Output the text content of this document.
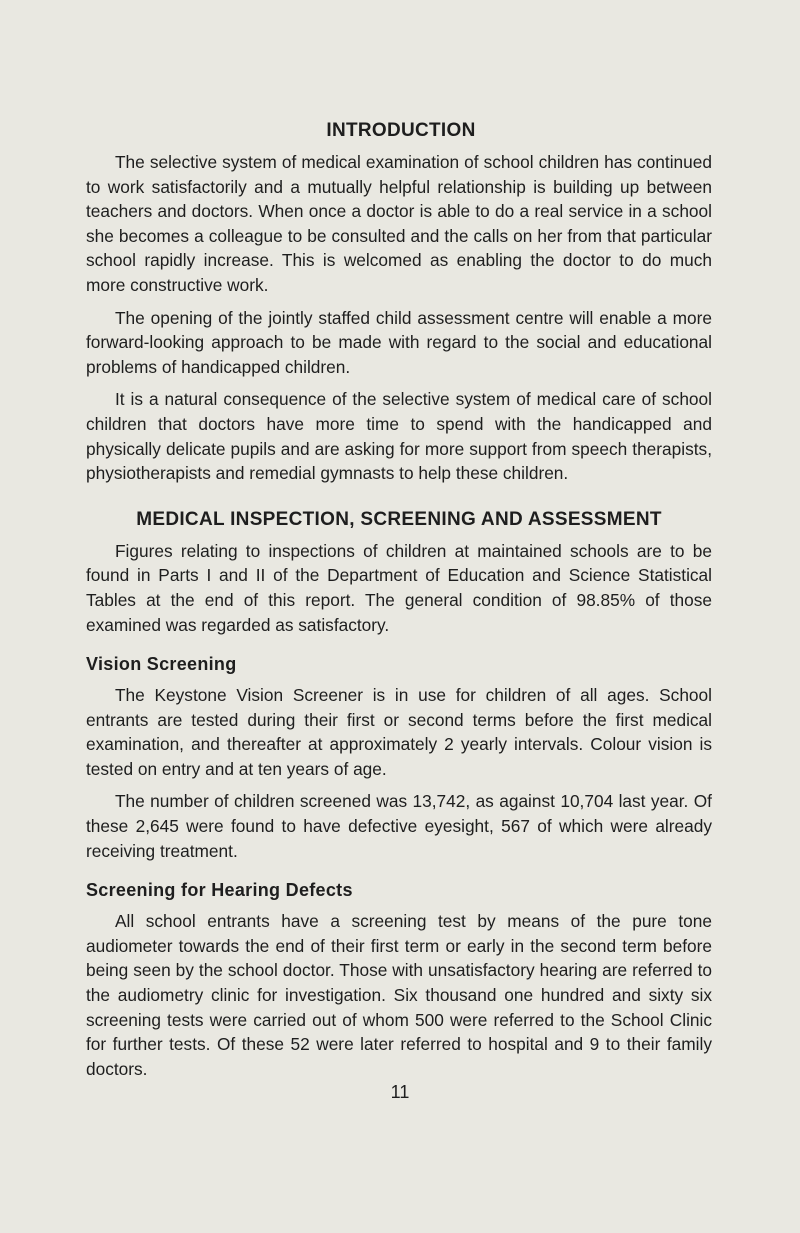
INTRODUCTION

The selective system of medical examination of school children has continued to work satisfactorily and a mutually helpful relationship is building up between teachers and doctors. When once a doctor is able to do a real service in a school she becomes a colleague to be consulted and the calls on her from that particular school rapidly increase. This is welcomed as enabling the doctor to do much more constructive work.

The opening of the jointly staffed child assessment centre will enable a more forward-looking approach to be made with regard to the social and educational problems of handicapped children.

It is a natural consequence of the selective system of medical care of school children that doctors have more time to spend with the handicapped and physically delicate pupils and are asking for more support from speech therapists, physiotherapists and remedial gymnasts to help these children.

MEDICAL INSPECTION, SCREENING AND ASSESSMENT

Figures relating to inspections of children at maintained schools are to be found in Parts I and II of the Department of Education and Science Statistical Tables at the end of this report. The general condition of 98.85% of those examined was regarded as satisfactory.

Vision Screening

The Keystone Vision Screener is in use for children of all ages. School entrants are tested during their first or second terms before the first medical examination, and thereafter at approximately 2 yearly intervals. Colour vision is tested on entry and at ten years of age.

The number of children screened was 13,742, as against 10,704 last year. Of these 2,645 were found to have defective eyesight, 567 of which were already receiving treatment.

Screening for Hearing Defects

All school entrants have a screening test by means of the pure tone audiometer towards the end of their first term or early in the second term before being seen by the school doctor. Those with unsatisfactory hearing are referred to the audiometry clinic for investigation. Six thousand one hundred and sixty six screening tests were carried out of whom 500 were referred to the School Clinic for further tests. Of these 52 were later referred to hospital and 9 to their family doctors.

11
